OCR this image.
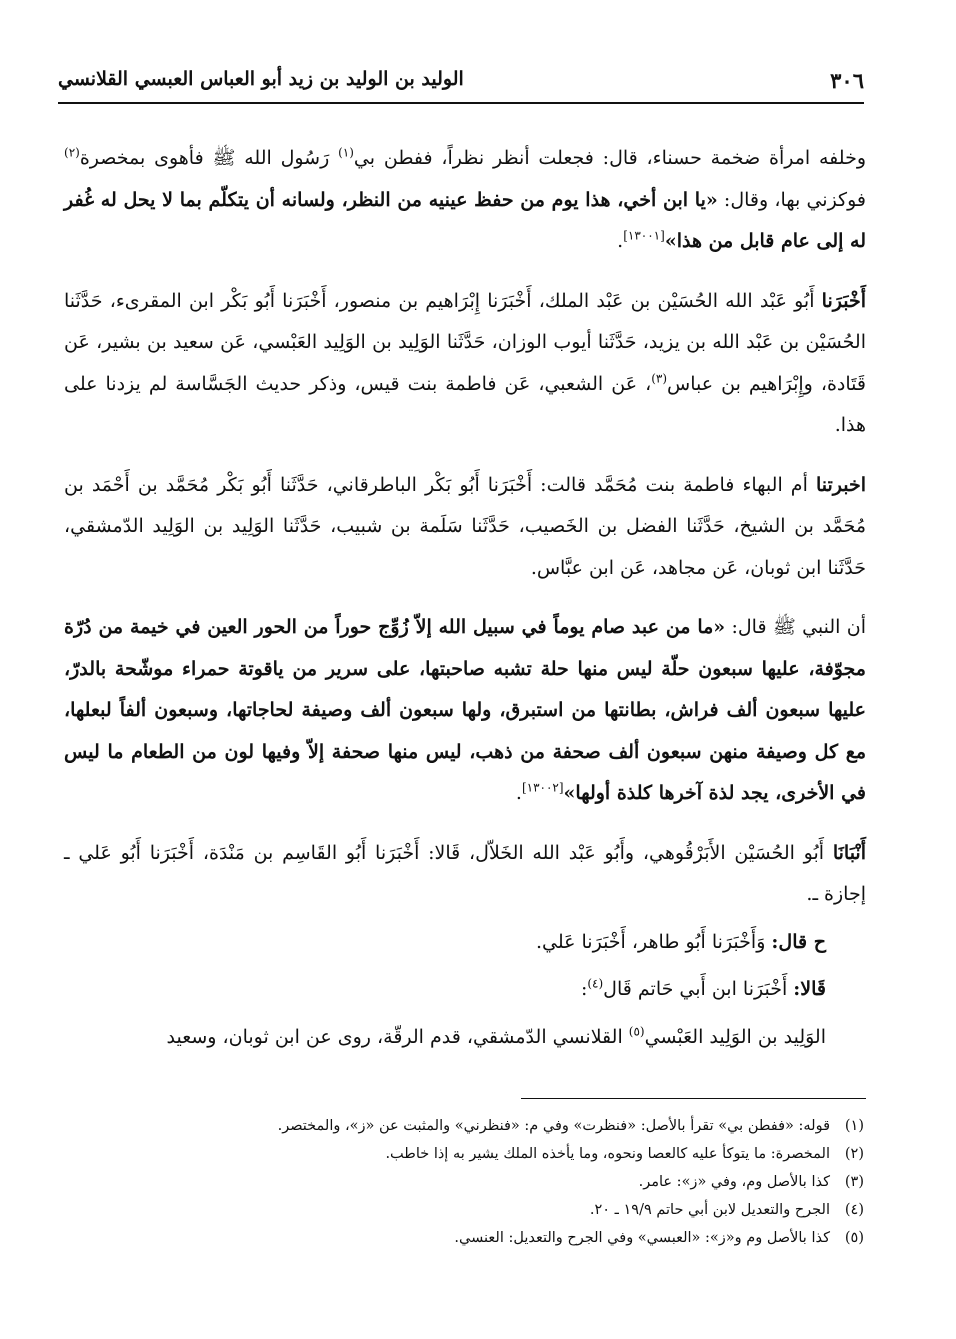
٣٠٦
الوليد بن الوليد بن زيد أبو العباس العبسي القلانسي

وخلفه امرأة ضخمة حسناء، قال: فجعلت أنظر نظراً، ففطن بي$^{(١)}$ رَسُول الله ﷺ فأهوى بمخصرة$^{(٢)}$ فوكزني بها، وقال: «يا ابن أخي، هذا يوم من حفظ عينيه من النظر، ولسانه أن يتكلّم بما لا يحل له غُفر له إلى عام قابل من هذا»[١٣٠٠١].

أَخْبَرَنا أَبُو عَبْد الله الحُسَيْن بن عَبْد الملك، أَخْبَرَنا إِبْرَاهيم بن منصور، أَخْبَرَنا أَبُو بَكْر ابن المقرىء، حَدَّثَنا الحُسَيْن بن عَبْد الله بن يزيد، حَدَّثَنا أيوب الوزان، حَدَّثَنا الوَلِيد بن الوَلِيد العَبْسي، عَن سعيد بن بشير، عَن قَتَادة، وإِبْرَاهيم بن عباس$^{(٣)}$، عَن الشعبي، عَن فاطمة بنت قيس، وذكر حديث الجَسَّاسة لم يزدنا على هذا.

اخبرتنا أم البهاء فاطمة بنت مُحَمَّد قالت: أَخْبَرَنا أَبُو بَكْر الباطرقاني، حَدَّثَنا أَبُو بَكْر مُحَمَّد بن أَحْمَد بن مُحَمَّد بن الشيخ، حَدَّثَنا الفضل بن الخَصيب، حَدَّثَنا سَلَمة بن شبيب، حَدَّثَنا الوَلِيد بن الوَلِيد الدّمشقي، حَدَّثَنا ابن ثوبان، عَن مجاهد، عَن ابن عبَّاس.

أن النبي ﷺ قال: «ما من عبد صام يوماً في سبيل الله إلاّ زُوِّج حوراً من الحور العين في خيمة من دُرّة مجوّفة، عليها سبعون حلّة ليس منها حلة تشبه صاحبتها، على سرير من ياقوتة حمراء موشّحة بالدرّ، عليها سبعون ألف فراش، بطانتها من استبرق، ولها سبعون ألف وصيفة لحاجاتها، وسبعون ألفاً لبعلها، مع كل وصيفة منهن سبعون ألف صحفة من ذهب، ليس منها صحفة إلاّ وفيها لون من الطعام ما ليس في الأخرى، يجد لذة آخرها كلذة أولها»[١٣٠٠٢].

أَنْبَانَا أَبُو الحُسَيْن الأَبَرْقُوهي، وأَبُو عَبْد الله الخَلاّل، قَالا: أَخْبَرَنا أَبُو القَاسِم بن مَنْدَة، أَخْبَرَنا أَبُو عَلي ـ إجازة ـ.

ح قال: وَأَخْبَرَنا أَبُو طاهر، أَخْبَرَنا عَلي.

قَالا: أَخْبَرَنا ابن أَبي حَاتم قَال$^{(٤)}$:

الوَلِيد بن الوَلِيد العَبْسي$^{(٥)}$ القلانسي الدّمشقي، قدم الرقّة، روى عن ابن ثوبان، وسعيد

(١)
قوله: «ففطن بي» تقرأ بالأصل: «فنظرت» وفي م: «فنظرني» والمثبت عن «ز»، والمختصر.
(٢)
المخصرة: ما يتوكأ عليه كالعصا ونحوه، وما يأخذه الملك يشير به إذا خاطب.
(٣)
كذا بالأصل وم، وفي «ز»: عامر.
(٤)
الجرح والتعديل لابن أبي حاتم ١٩/٩ ـ ٢٠.
(٥)
كذا بالأصل وم و«ز»: «العبسي» وفي الجرح والتعديل: العنسي.
